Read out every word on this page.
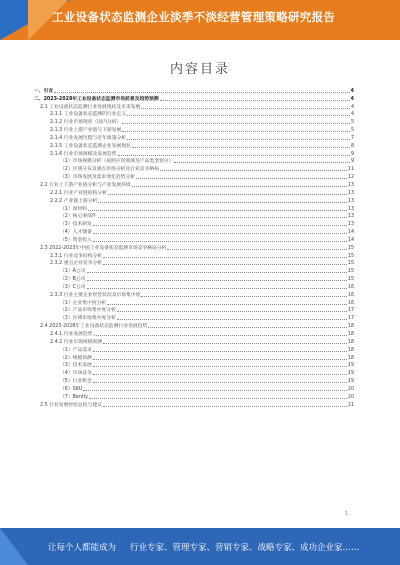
工业设备状态监测企业淡季不淡经营管理策略研究报告
内容目录
一、引言	4
二、2023-2028年工业设备状态监测市场前景及趋势预测	4
2.1 工业设备状态监测行业发展现状及未来发展	4
2.1.1 工业设备状态监测的行业定义	4
2.1.2 行业市场现状（国内分析）	5
2.1.3 行业上游产业链与下游发展	5
2.1.4 行业发展历程与近年政策分析	7
2.1.5 工业设备状态监测企业发展现状	8
2.1.6 行业市场规模及发展趋势	9
（1）市场规模分析（按照应用领域及产品类型划分）	9
（2）区域分布及重点市场分析及行业竞争格局	11
（3）市场发展及需求变化趋势分析	12
2.2 行业上下游产业链分析与产业发展环境	13
2.2.1 行业产业链结构分析	13
2.2.2 产业链上游分析	13
（1）原材料	13
（2）核心零部件	13
（3）技术研发	13
（4）人才储备	14
（5）资金投入	14
2.3 2022-2023年中国工业设备状态监测市场竞争格局分析	15
2.3.1 行业竞争结构分析	15
2.3.2 重点企业竞争分析	15
（1）A公司	15
（2）B公司	15
（3）C公司	16
2.3.3 行业主要企业经营状况及市场集中度	16
（1）企业集中度分析	16
（2）产品市场集中度分析	17
（3）区域市场集中度分析	17
2.4 2023-2028年工业设备状态监测行业发展趋势	18
2.4.1 行业发展趋势	18
2.4.2 行业市场规模预测	18
（1）产品需求	18
（2）规模预测	18
（3）技术发展	19
（4）市场竞争	19
（5）行业机会	19
（6）SKU	20
（7）Bently	20
2.5 行业发展经验总结与建议	21
1
让每个人都能成为 行业专家、管理专家、营销专家、战略专家、成功企业家……
